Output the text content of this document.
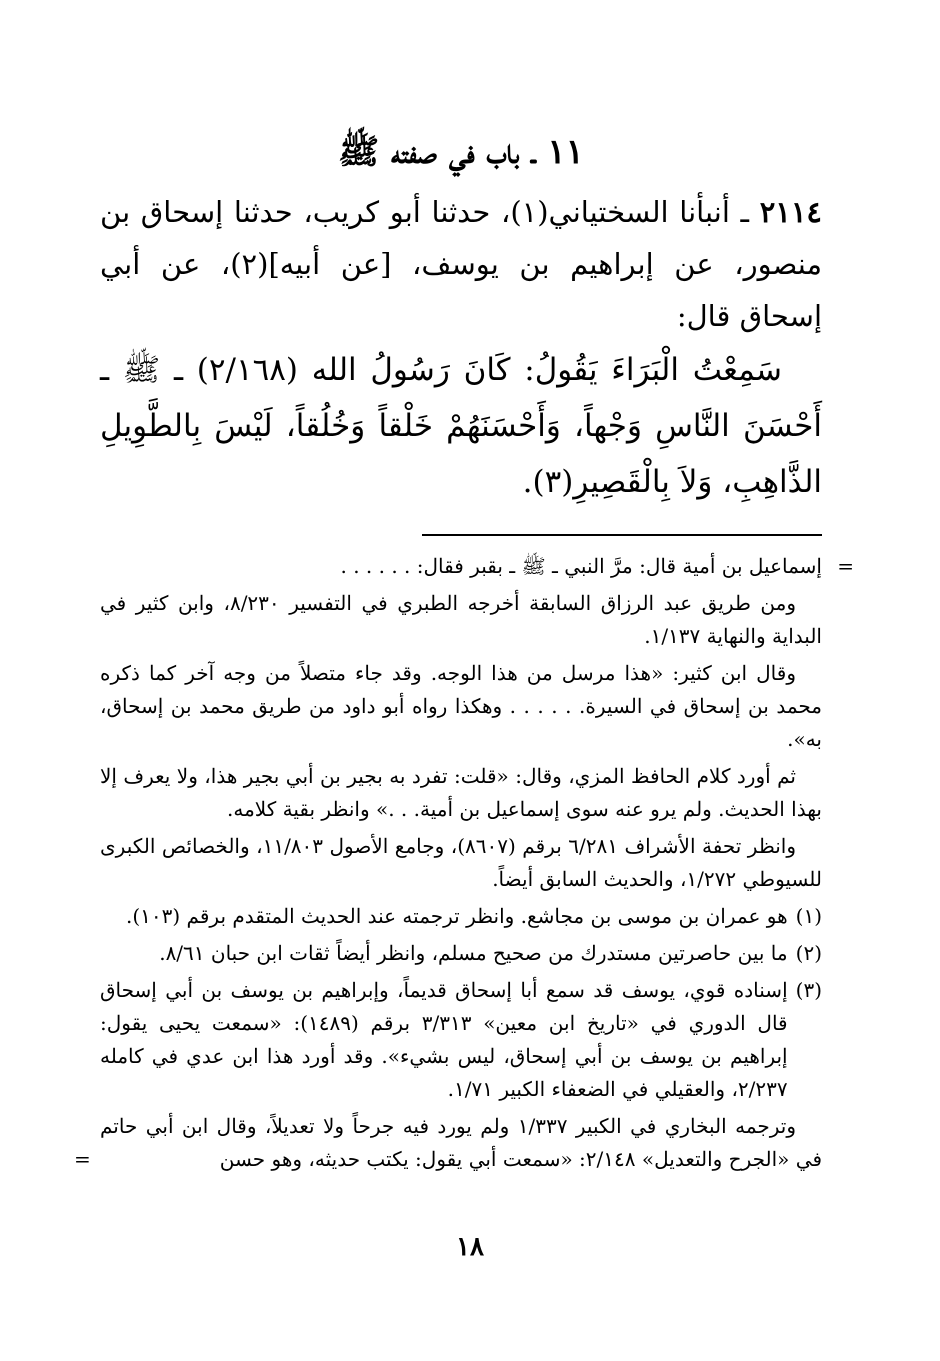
١١ ـ باب في صفته ﷺ

٢١١٤ ـ أنبأنا السختياني(١)، حدثنا أبو كريب، حدثنا إسحاق بن منصور، عن إبراهيم بن يوسف، [عن أبيه](٢)، عن أبي إسحاق قال:

سَمِعْتُ الْبَرَاءَ يَقُولُ: كَانَ رَسُولُ الله (٢/١٦٨) ـ ﷺ ـ أَحْسَنَ النَّاسِ وَجْهاً، وَأَحْسَنَهُمْ خَلْقاً وَخُلُقاً، لَيْسَ بِالطَّوِيلِ الذَّاهِبِ، وَلاَ بِالْقَصِيرِ(٣).

=
إسماعيل بن أمية قال: مرَّ النبي ـ ﷺ ـ بقبر فقال: . . . . . .

ومن طريق عبد الرزاق السابقة أخرجه الطبري في التفسير ٨/٢٣٠، وابن كثير في البداية والنهاية ١/١٣٧.

وقال ابن كثير: «هذا مرسل من هذا الوجه. وقد جاء متصلاً من وجه آخر كما ذكره محمد بن إسحاق في السيرة. . . . . . وهكذا رواه أبو داود من طريق محمد بن إسحاق، به».

ثم أورد كلام الحافظ المزي، وقال: «قلت: تفرد به بجير بن أبي بجير هذا، ولا يعرف إلا بهذا الحديث. ولم يرو عنه سوى إسماعيل بن أمية. . .» وانظر بقية كلامه.

وانظر تحفة الأشراف ٦/٢٨١ برقم (٨٦٠٧)، وجامع الأصول ١١/٨٠٣، والخصائص الكبرى للسيوطي ١/٢٧٢، والحديث السابق أيضاً.

(١)
هو عمران بن موسى بن مجاشع. وانظر ترجمته عند الحديث المتقدم برقم (١٠٣).
(٢)
ما بين حاصرتين مستدرك من صحيح مسلم، وانظر أيضاً ثقات ابن حبان ٨/٦١.
(٣)
إسناده قوي، يوسف قد سمع أبا إسحاق قديماً، وإبراهيم بن يوسف بن أبي إسحاق قال الدوري في «تاريخ ابن معين» ٣/٣١٣ برقم (١٤٨٩): «سمعت يحيى يقول: إبراهيم بن يوسف بن أبي إسحاق، ليس بشيء». وقد أورد هذا ابن عدي في كامله ٢/٢٣٧، والعقيلي في الضعفاء الكبير ١/٧١.

وترجمه البخاري في الكبير ١/٣٣٧ ولم يورد فيه جرحاً ولا تعديلاً، وقال ابن أبي حاتم في «الجرح والتعديل» ٢/١٤٨: «سمعت أبي يقول: يكتب حديثه، وهو حسن
=

١٨
